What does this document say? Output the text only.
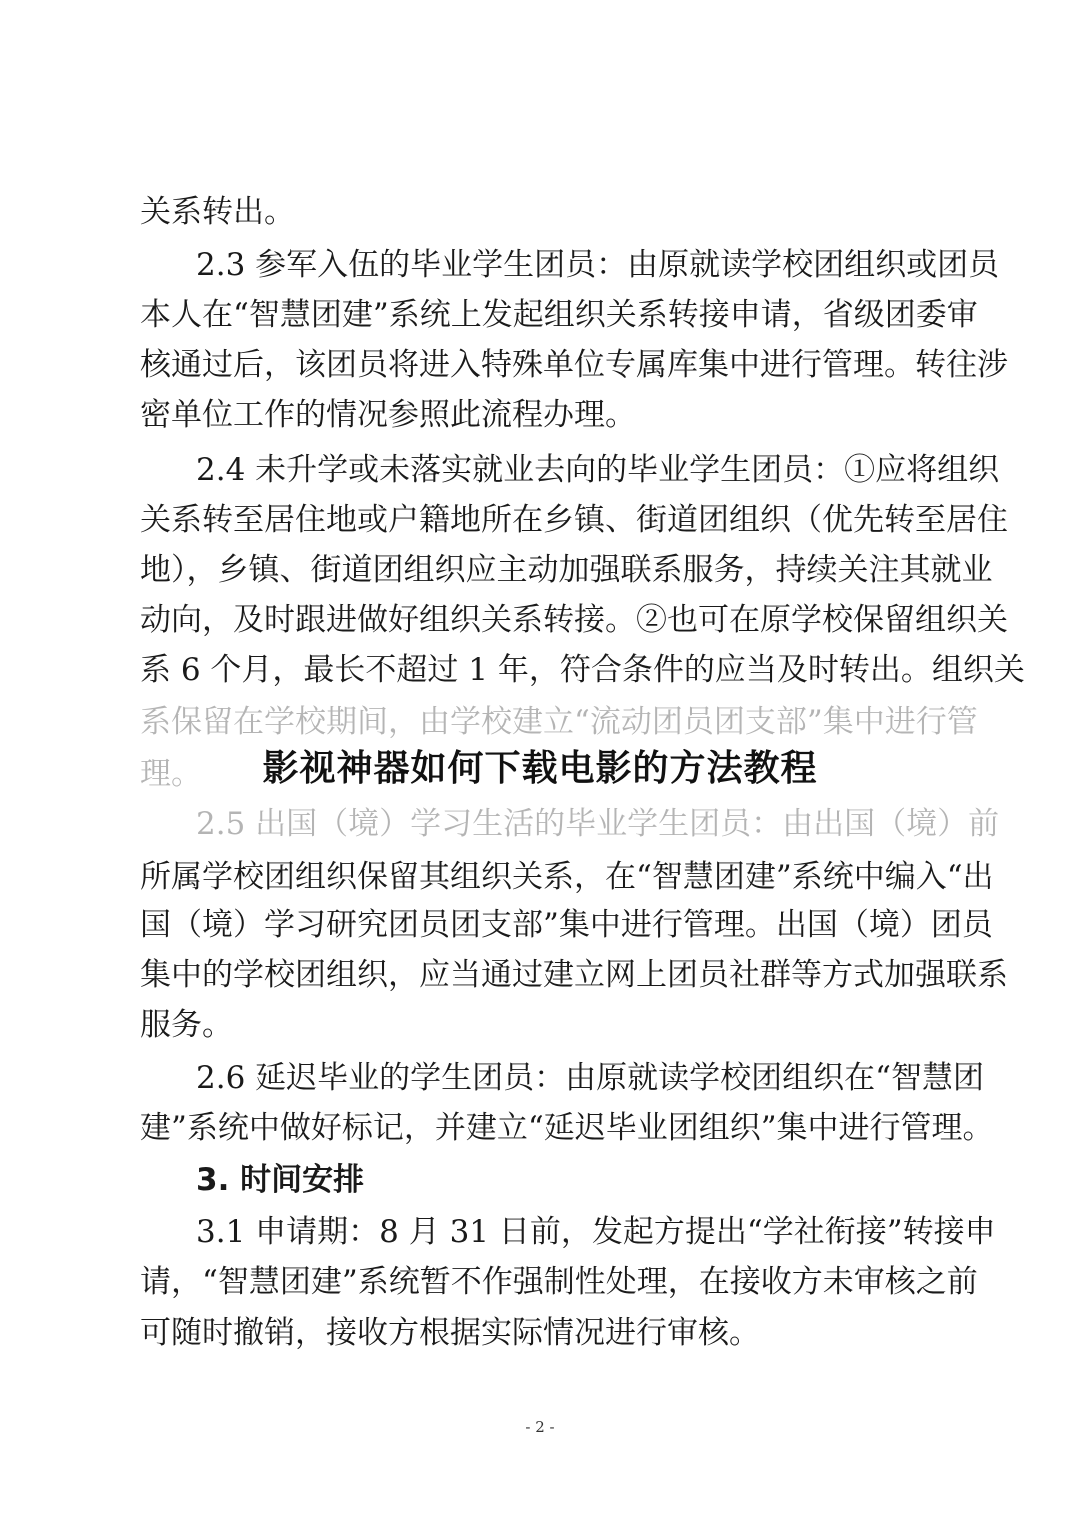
关系转出。
2.3 参军入伍的毕业学生团员：由原就读学校团组织或团员
本人在“智慧团建”系统上发起组织关系转接申请，省级团委审
核通过后，该团员将进入特殊单位专属库集中进行管理。转往涉
密单位工作的情况参照此流程办理。
2.4 未升学或未落实就业去向的毕业学生团员：①应将组织
关系转至居住地或户籍地所在乡镇、街道团组织（优先转至居住
地），乡镇、街道团组织应主动加强联系服务，持续关注其就业
动向，及时跟进做好组织关系转接。②也可在原学校保留组织关
系 6 个月，最长不超过 1 年，符合条件的应当及时转出。组织关
系保留在学校期间，由学校建立“流动团员团支部”集中进行管
理。
2.5 出国（境）学习生活的毕业学生团员：由出国（境）前
所属学校团组织保留其组织关系，在“智慧团建”系统中编入“出
国（境）学习研究团员团支部”集中进行管理。出国（境）团员
集中的学校团组织，应当通过建立网上团员社群等方式加强联系
服务。
2.6 延迟毕业的学生团员：由原就读学校团组织在“智慧团
建”系统中做好标记，并建立“延迟毕业团组织”集中进行管理。
3. 时间安排
3.1 申请期：8 月 31 日前，发起方提出“学社衔接”转接申
请，“智慧团建”系统暂不作强制性处理，在接收方未审核之前
可随时撤销，接收方根据实际情况进行审核。
影视神器如何下载电影的方法教程
- 2 -
